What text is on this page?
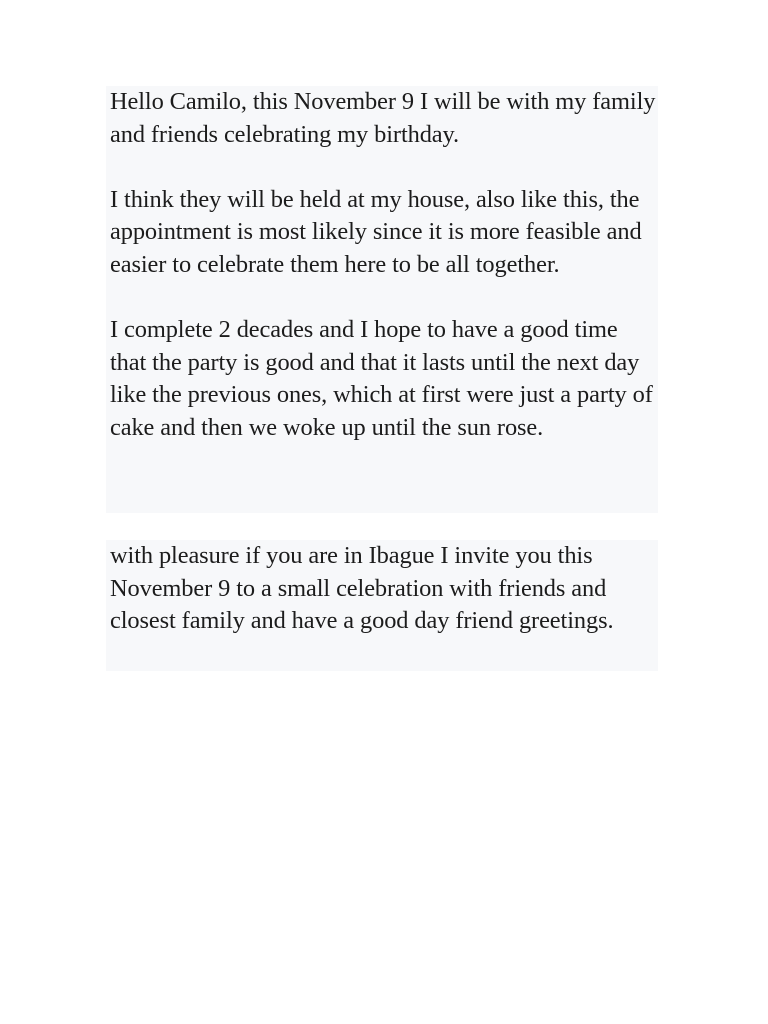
Hello Camilo, this November 9 I will be with my family and friends celebrating my birthday.

I think they will be held at my house, also like this, the appointment is most likely since it is more feasible and easier to celebrate them here to be all together.

I complete 2 decades and I hope to have a good time that the party is good and that it lasts until the next day like the previous ones, which at first were just a party of cake and then we woke up until the sun rose.

with pleasure if you are in Ibague I invite you this November 9 to a small celebration with friends and closest family and have a good day friend greetings.
